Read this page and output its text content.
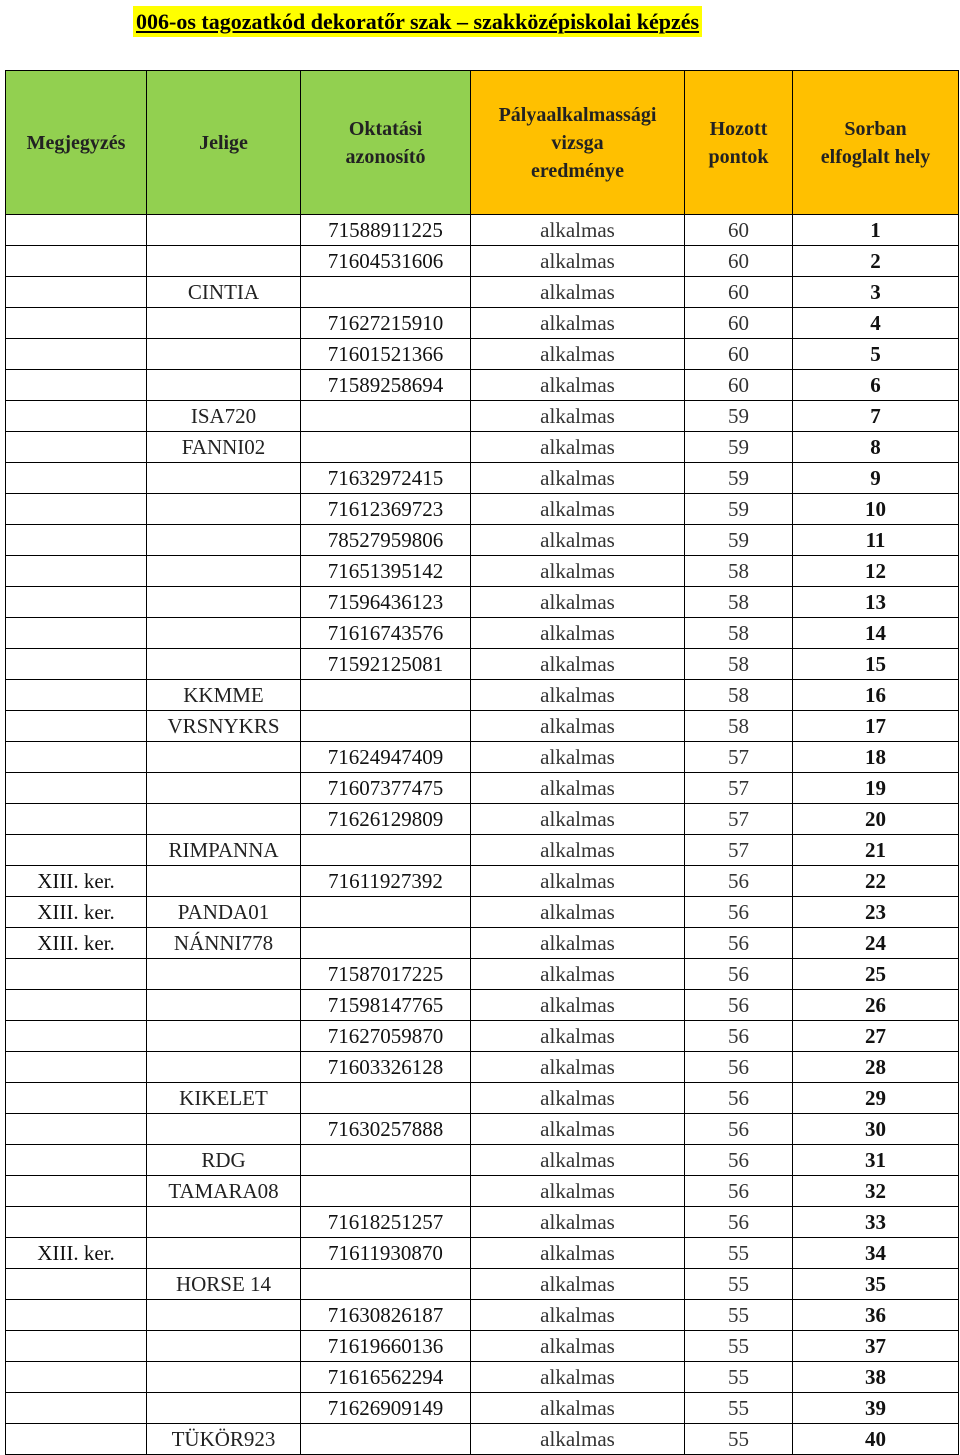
006-os tagozatkód dekoratőr szak – szakközépiskolai képzés
Megjegyzés	Jelige	Oktatási
azonosító	Pályaalkalmassági
vizsga
eredménye	Hozott
pontok	Sorban
elfoglalt hely
		71588911225	alkalmas	60	1
		71604531606	alkalmas	60	2
	CINTIA		alkalmas	60	3
		71627215910	alkalmas	60	4
		71601521366	alkalmas	60	5
		71589258694	alkalmas	60	6
	ISA720		alkalmas	59	7
	FANNI02		alkalmas	59	8
		71632972415	alkalmas	59	9
		71612369723	alkalmas	59	10
		78527959806	alkalmas	59	11
		71651395142	alkalmas	58	12
		71596436123	alkalmas	58	13
		71616743576	alkalmas	58	14
		71592125081	alkalmas	58	15
	KKMME		alkalmas	58	16
	VRSNYKRS		alkalmas	58	17
		71624947409	alkalmas	57	18
		71607377475	alkalmas	57	19
		71626129809	alkalmas	57	20
	RIMPANNA		alkalmas	57	21
XIII. ker.		71611927392	alkalmas	56	22
XIII. ker.	PANDA01		alkalmas	56	23
XIII. ker.	NÁNNI778		alkalmas	56	24
		71587017225	alkalmas	56	25
		71598147765	alkalmas	56	26
		71627059870	alkalmas	56	27
		71603326128	alkalmas	56	28
	KIKELET		alkalmas	56	29
		71630257888	alkalmas	56	30
	RDG		alkalmas	56	31
	TAMARA08		alkalmas	56	32
		71618251257	alkalmas	56	33
XIII. ker.		71611930870	alkalmas	55	34
	HORSE 14		alkalmas	55	35
		71630826187	alkalmas	55	36
		71619660136	alkalmas	55	37
		71616562294	alkalmas	55	38
		71626909149	alkalmas	55	39
	TÜKÖR923		alkalmas	55	40
